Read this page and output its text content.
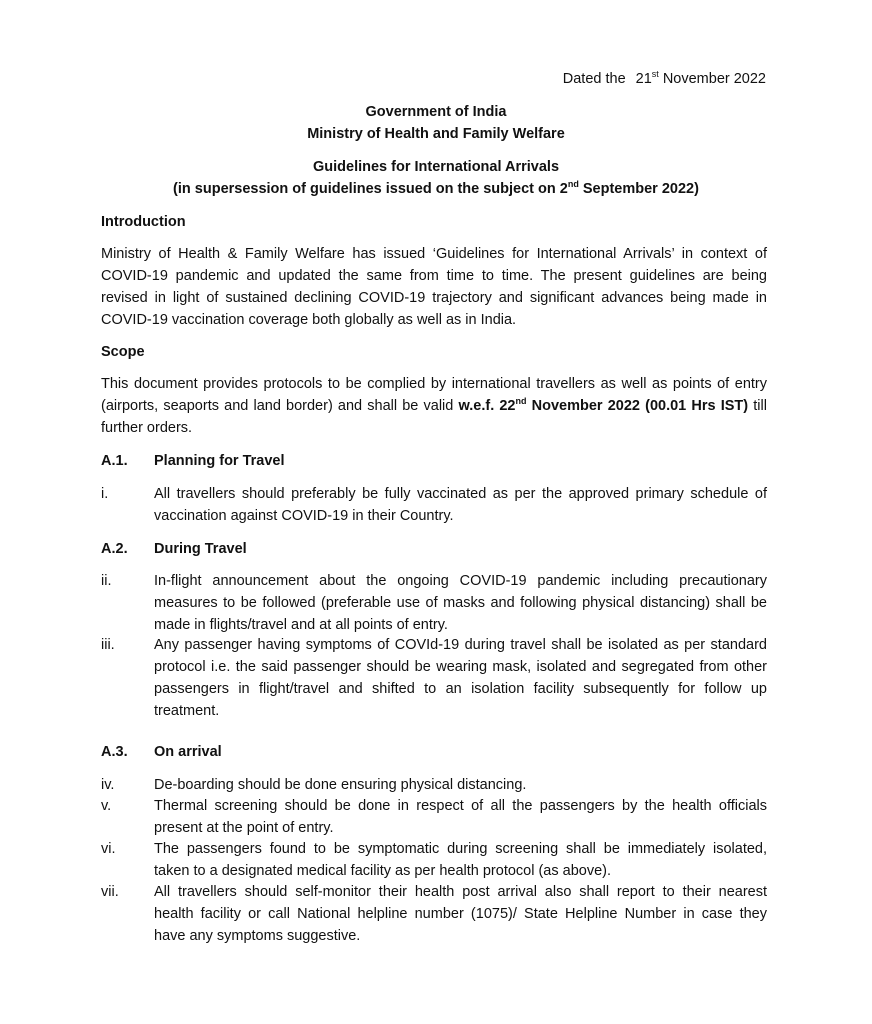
Dated the 21st November 2022
Government of India
Ministry of Health and Family Welfare
Guidelines for International Arrivals
(in supersession of guidelines issued on the subject on 2nd September 2022)
Introduction
Ministry of Health & Family Welfare has issued ‘Guidelines for International Arrivals’ in context of
COVID-19 pandemic and updated the same from time to time. The present guidelines are being
revised in light of sustained declining COVID-19 trajectory and significant advances being made in
COVID-19 vaccination coverage both globally as well as in India.
Scope
This document provides protocols to be complied by international travellers as well as points of entry
(airports, seaports and land border) and shall be valid w.e.f. 22nd November 2022 (00.01 Hrs IST) till
further orders.
A.1. Planning for Travel
i.	All travellers should preferably be fully vaccinated as per the approved primary schedule of
vaccination against COVID-19 in their Country.
A.2. During Travel
ii.	In-flight announcement about the ongoing COVID-19 pandemic including precautionary
measures to be followed (preferable use of masks and following physical distancing) shall be
made in flights/travel and at all points of entry.
iii.	Any passenger having symptoms of COVId-19 during travel shall be isolated as per standard
protocol i.e. the said passenger should be wearing mask, isolated and segregated from other
passengers in flight/travel and shifted to an isolation facility subsequently for follow up
treatment.
A.3. On arrival
iv.	De-boarding should be done ensuring physical distancing.
v.	Thermal screening should be done in respect of all the passengers by the health officials
present at the point of entry.
vi.	The passengers found to be symptomatic during screening shall be immediately isolated,
taken to a designated medical facility as per health protocol (as above).
vii. All travellers should self-monitor their health post arrival also shall report to their nearest
health facility or call National helpline number (1075)/ State Helpline Number in case they
have any symptoms suggestive.
